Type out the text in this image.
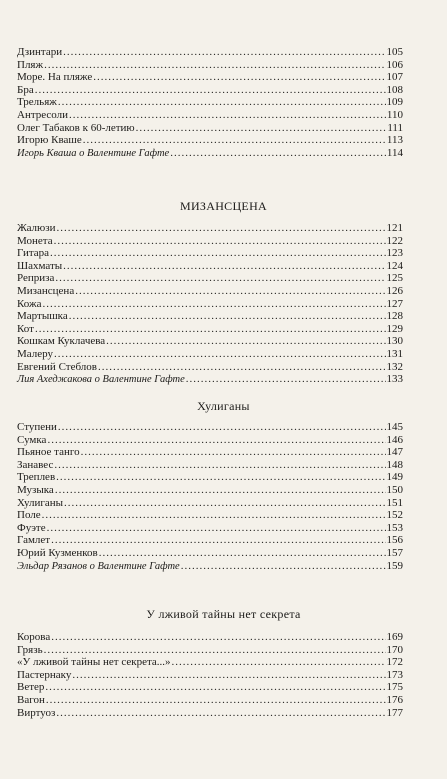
Дзинтари .....	105
Пляж .....	106
Море. На пляже .....	107
Бра .....	108
Трельяж .....	109
Антресоли .....	110
Олег Табаков к 60-летию .....	111
Игорю Кваше .....	113
Игорь Кваша о Валентине Гафте .....	114
МИЗАНСЦЕНА
Жалюзи .....	121
Монета .....	122
Гитара .....	123
Шахматы .....	124
Реприза .....	125
Мизансцена .....	126
Кожа .....	127
Мартышка .....	128
Кот .....	129
Кошкам Куклачева .....	130
Малеру .....	131
Евгений Стеблов .....	132
Лия Ахеджакова о Валентине Гафте .....	133
Хулиганы
Ступени .....	145
Сумка .....	146
Пьяное танго .....	147
Занавес .....	148
Треплев .....	149
Музыка .....	150
Хулиганы .....	151
Поле .....	152
Фуэте .....	153
Гамлет .....	156
Юрий Кузменков .....	157
Эльдар Рязанов о Валентине Гафте .....	159
У лживой тайны нет секрета
Корова .....	169
Грязь .....	170
«У лживой тайны нет секрета...» .....	172
Пастернаку .....	173
Ветер .....	175
Вагон .....	176
Виртуоз .....	177
